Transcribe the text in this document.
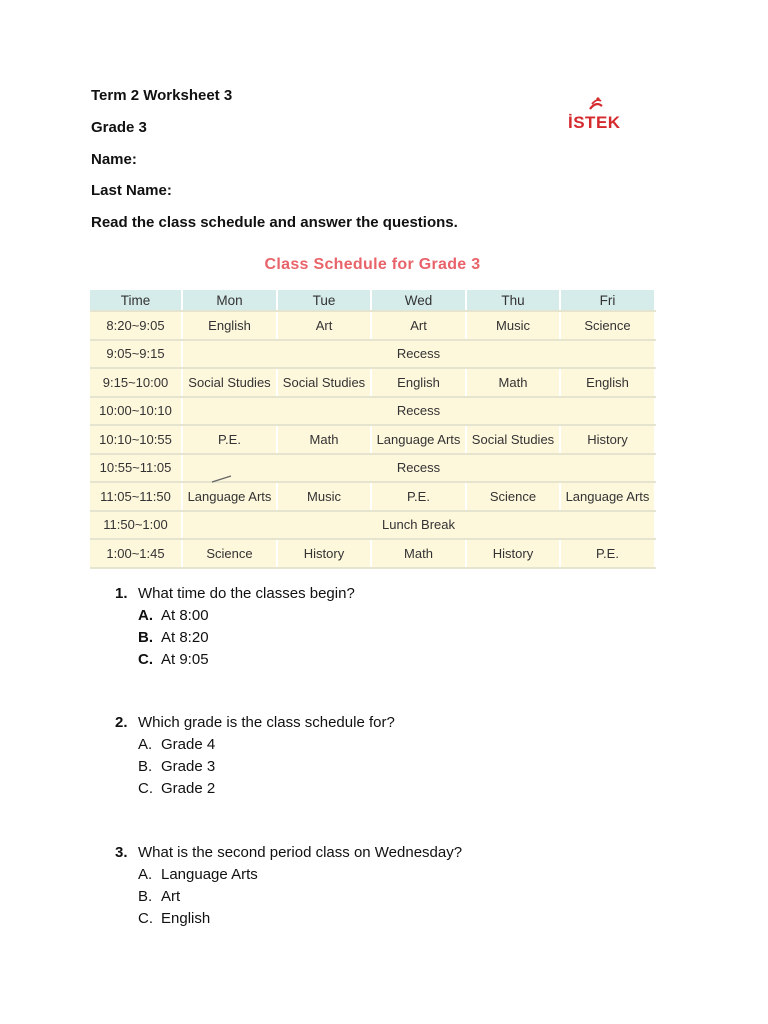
Term 2 Worksheet 3
Grade 3
Name:
Last Name:
Read the class schedule and answer the questions.
İSTEK
Class Schedule for Grade 3
Time	Mon	Tue	Wed	Thu	Fri
8:20~9:05	English	Art	Art	Music	Science
9:05~9:15	Recess				
9:15~10:00	Social Studies	Social Studies	English	Math	English
10:00~10:10	Recess				
10:10~10:55	P.E.	Math	Language Arts	Social Studies	History
10:55~11:05	Recess				
11:05~11:50	Language Arts	Music	P.E.	Science	Language Arts
11:50~1:00	Lunch Break				
1:00~1:45	Science	History	Math	History	P.E.
1. What time do the classes begin?
A. At 8:00
B. At 8:20
C. At 9:05
2. Which grade is the class schedule for?
A. Grade 4
B. Grade 3
C. Grade 2
3. What is the second period class on Wednesday?
A. Language Arts
B. Art
C. English
